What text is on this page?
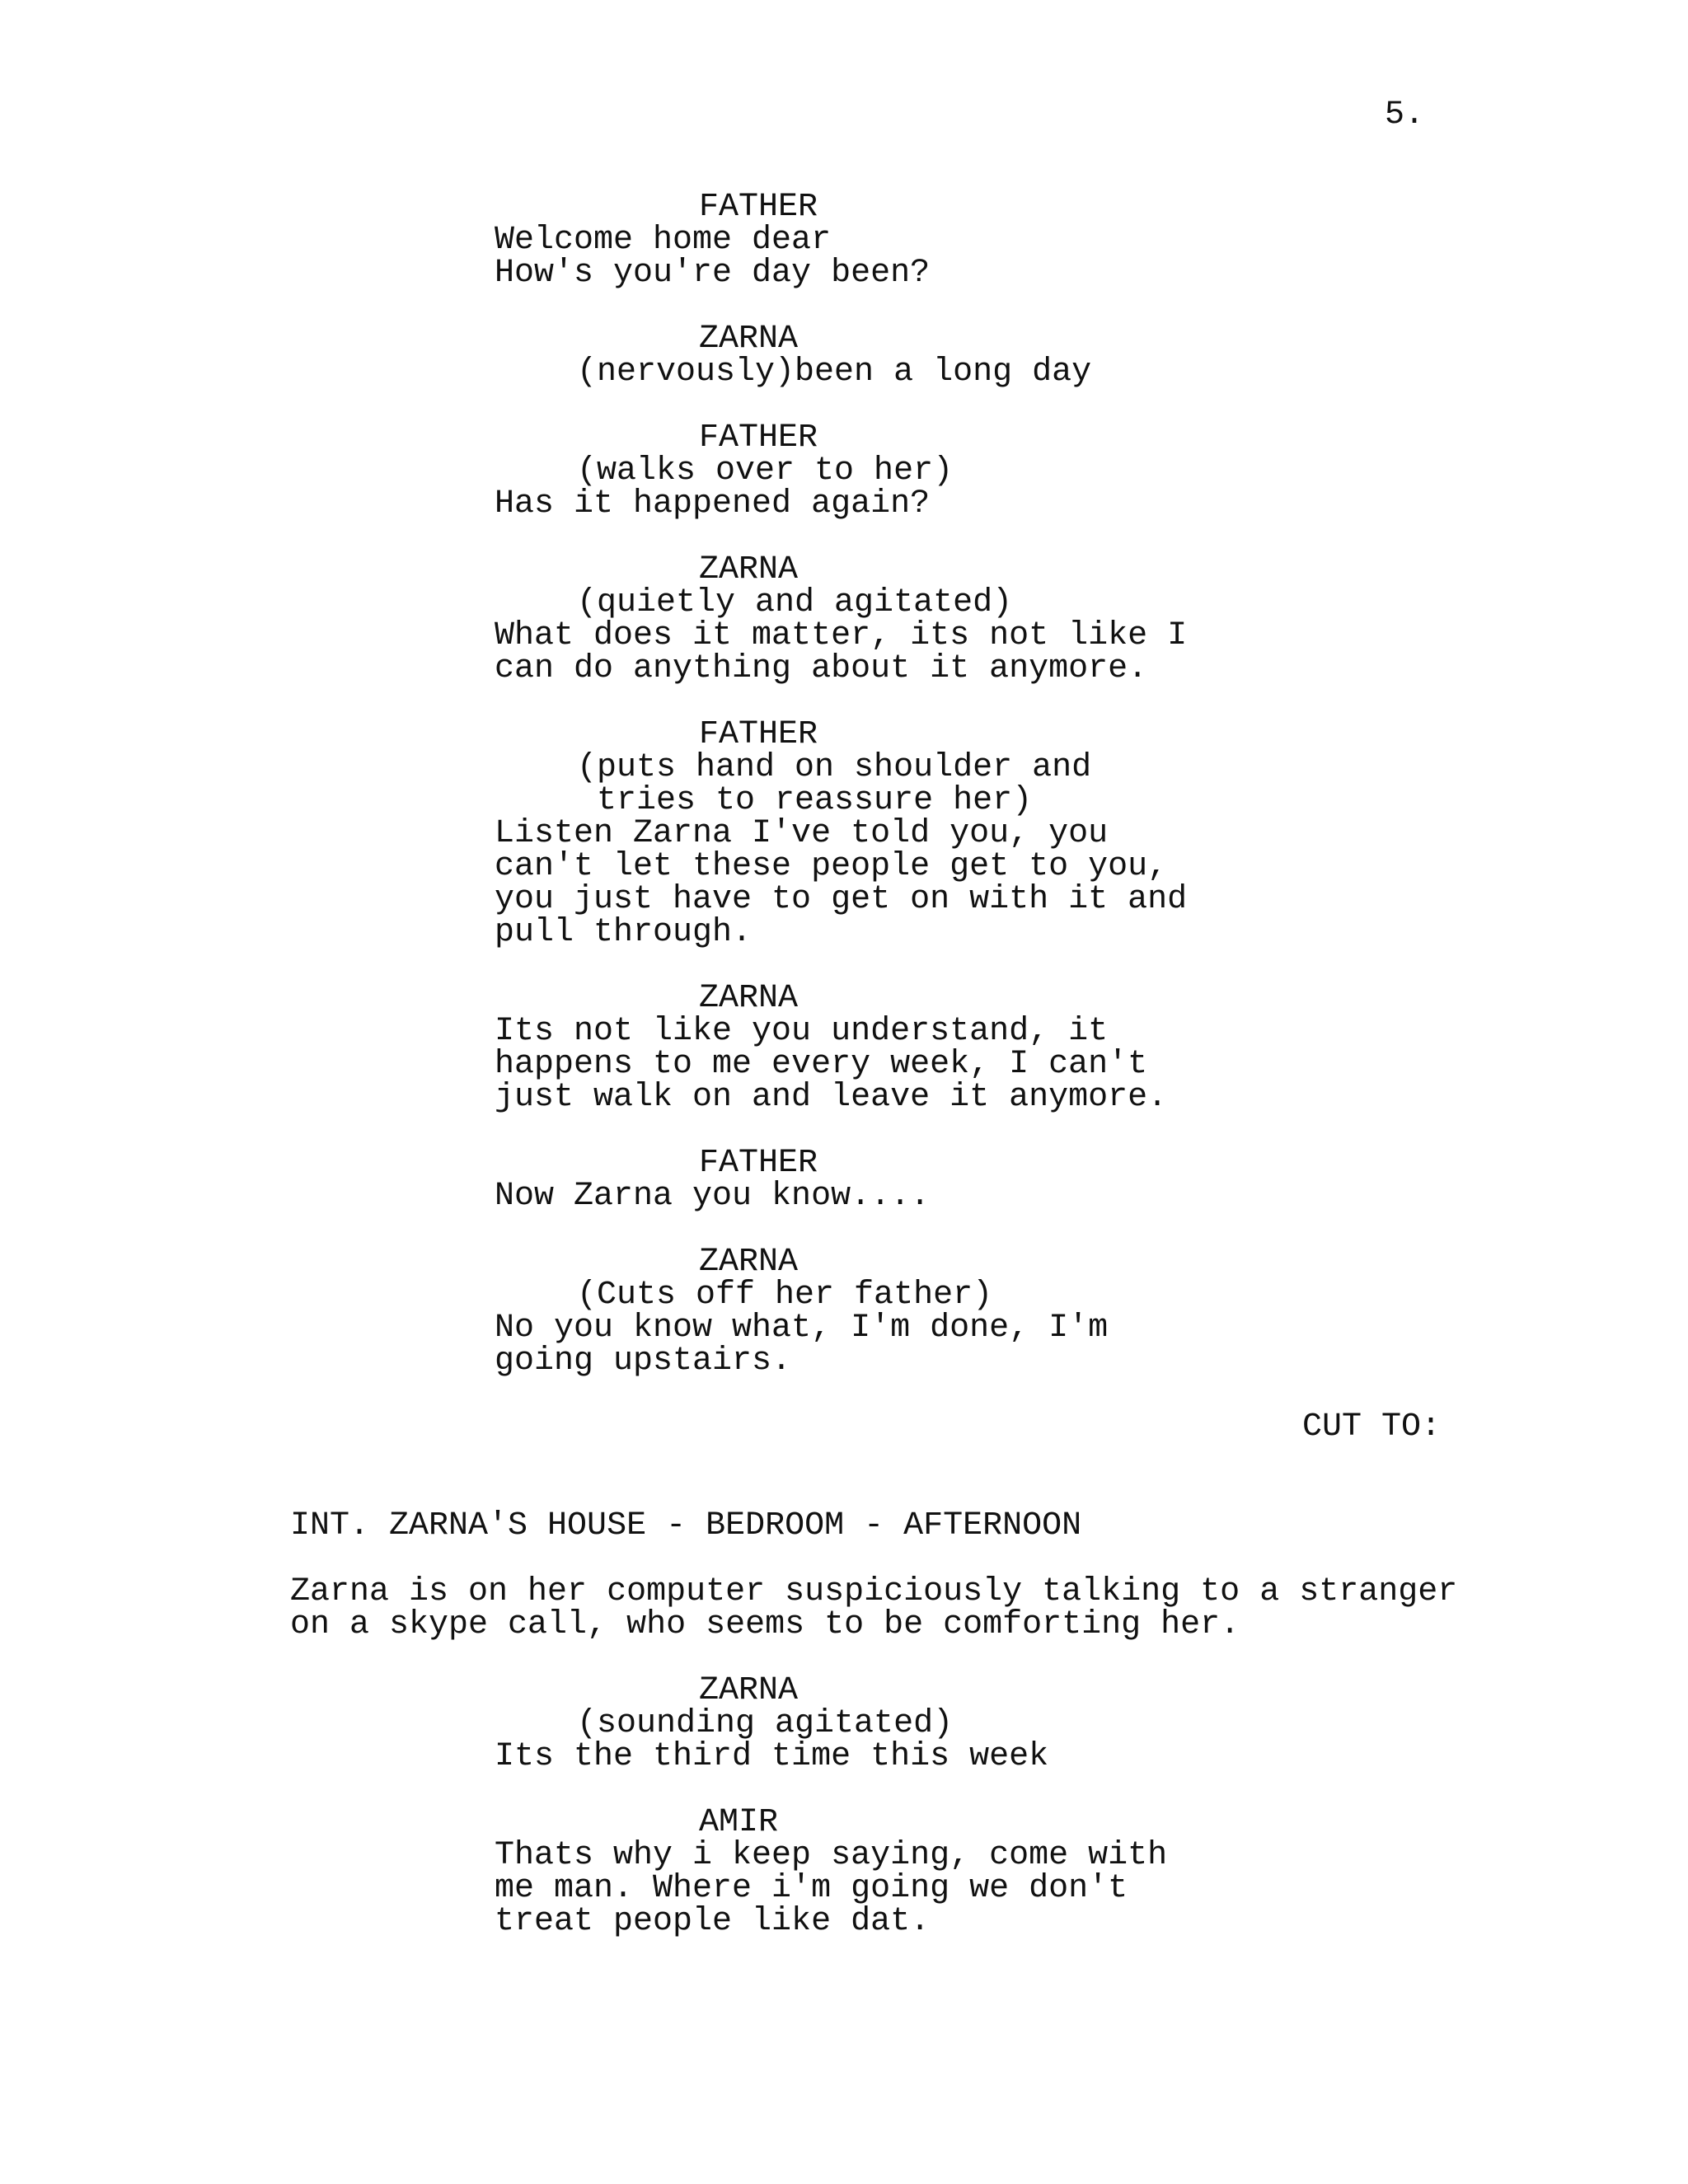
5.
FATHER
Welcome home dear
How's you're day been?
ZARNA
(nervously)been a long day
FATHER
(walks over to her)
Has it happened again?
ZARNA
(quietly and agitated)
What does it matter, its not like I
can do anything about it anymore.
FATHER
(puts hand on shoulder and
tries to reassure her)
Listen Zarna I've told you, you
can't let these people get to you,
you just have to get on with it and
pull through.
ZARNA
Its not like you understand, it
happens to me every week, I can't
just walk on and leave it anymore.
FATHER
Now Zarna you know....
ZARNA
(Cuts off her father)
No you know what, I'm done, I'm
going upstairs.
CUT TO:
INT. ZARNA'S HOUSE - BEDROOM - AFTERNOON
Zarna is on her computer suspiciously talking to a stranger
on a skype call, who seems to be comforting her.
ZARNA
(sounding agitated)
Its the third time this week
AMIR
Thats why i keep saying, come with
me man. Where i'm going we don't
treat people like dat.
